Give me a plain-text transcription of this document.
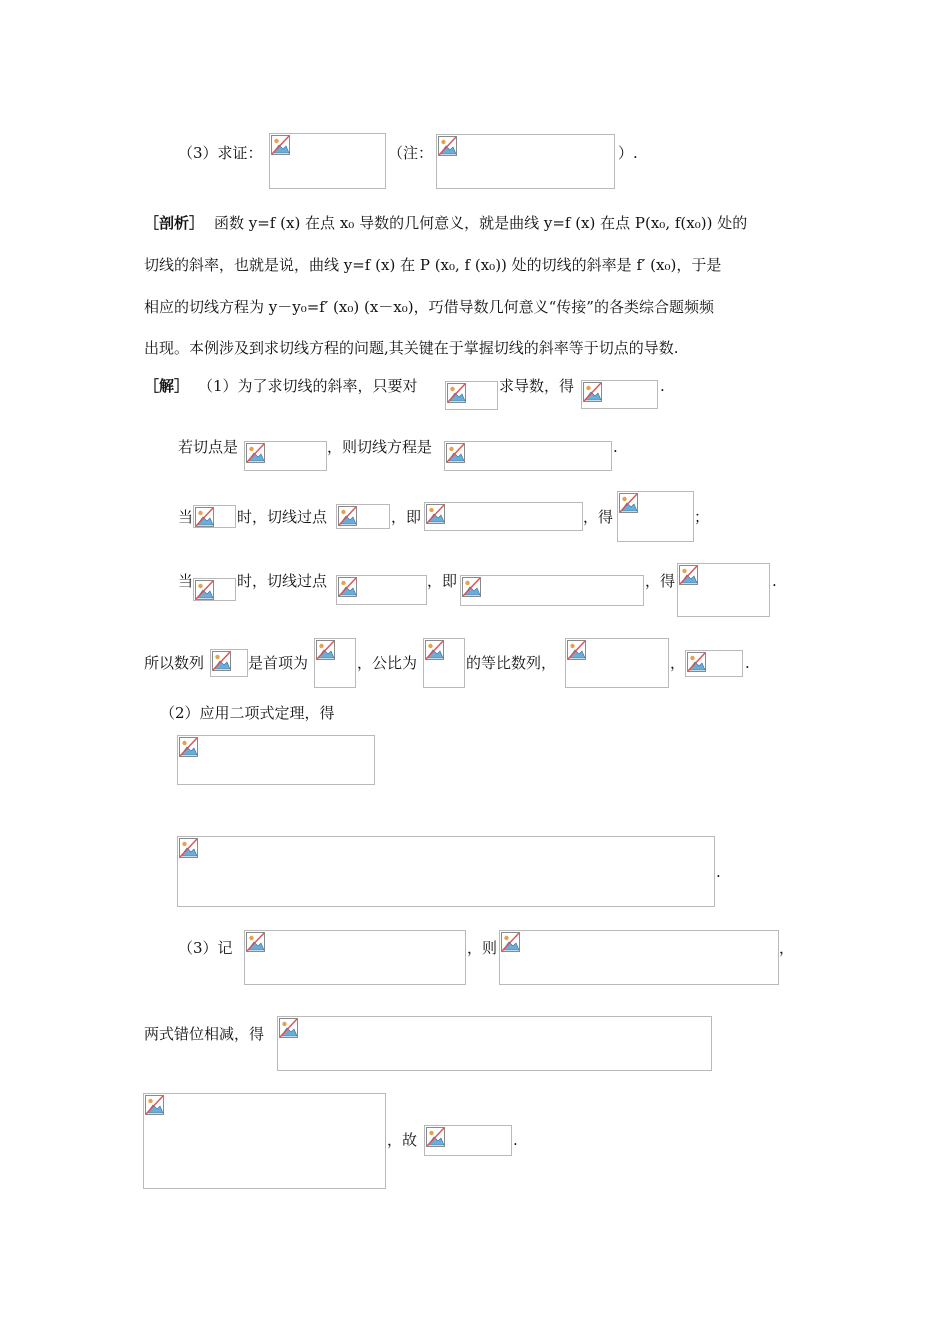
（3）求证：	（注：	）.
［剖析］ 函数 y=f (x) 在点 x₀ 导数的几何意义，就是曲线 y=f (x) 在点 P(x₀, f(x₀)) 处的
切线的斜率，也就是说，曲线 y=f (x) 在 P (x₀, f (x₀)) 处的切线的斜率是 f′ (x₀)，于是
相应的切线方程为 y－y₀=f′ (x₀) (x－x₀)，巧借导数几何意义“传接”的各类综合题频频
出现。本例涉及到求切线方程的问题,其关键在于掌握切线的斜率等于切点的导数.
［解］ （1）为了求切线的斜率，只要对	求导数，得	.
若切点是	，则切线方程是	.
当	时，切线过点	，即	，得	；
当	时，切线过点	，即	，得	.
所以数列	是首项为	，公比为	的等比数列，	，	.
（2）应用二项式定理，得
.
（3）记	，则	，
两式错位相减，得
，故	.
